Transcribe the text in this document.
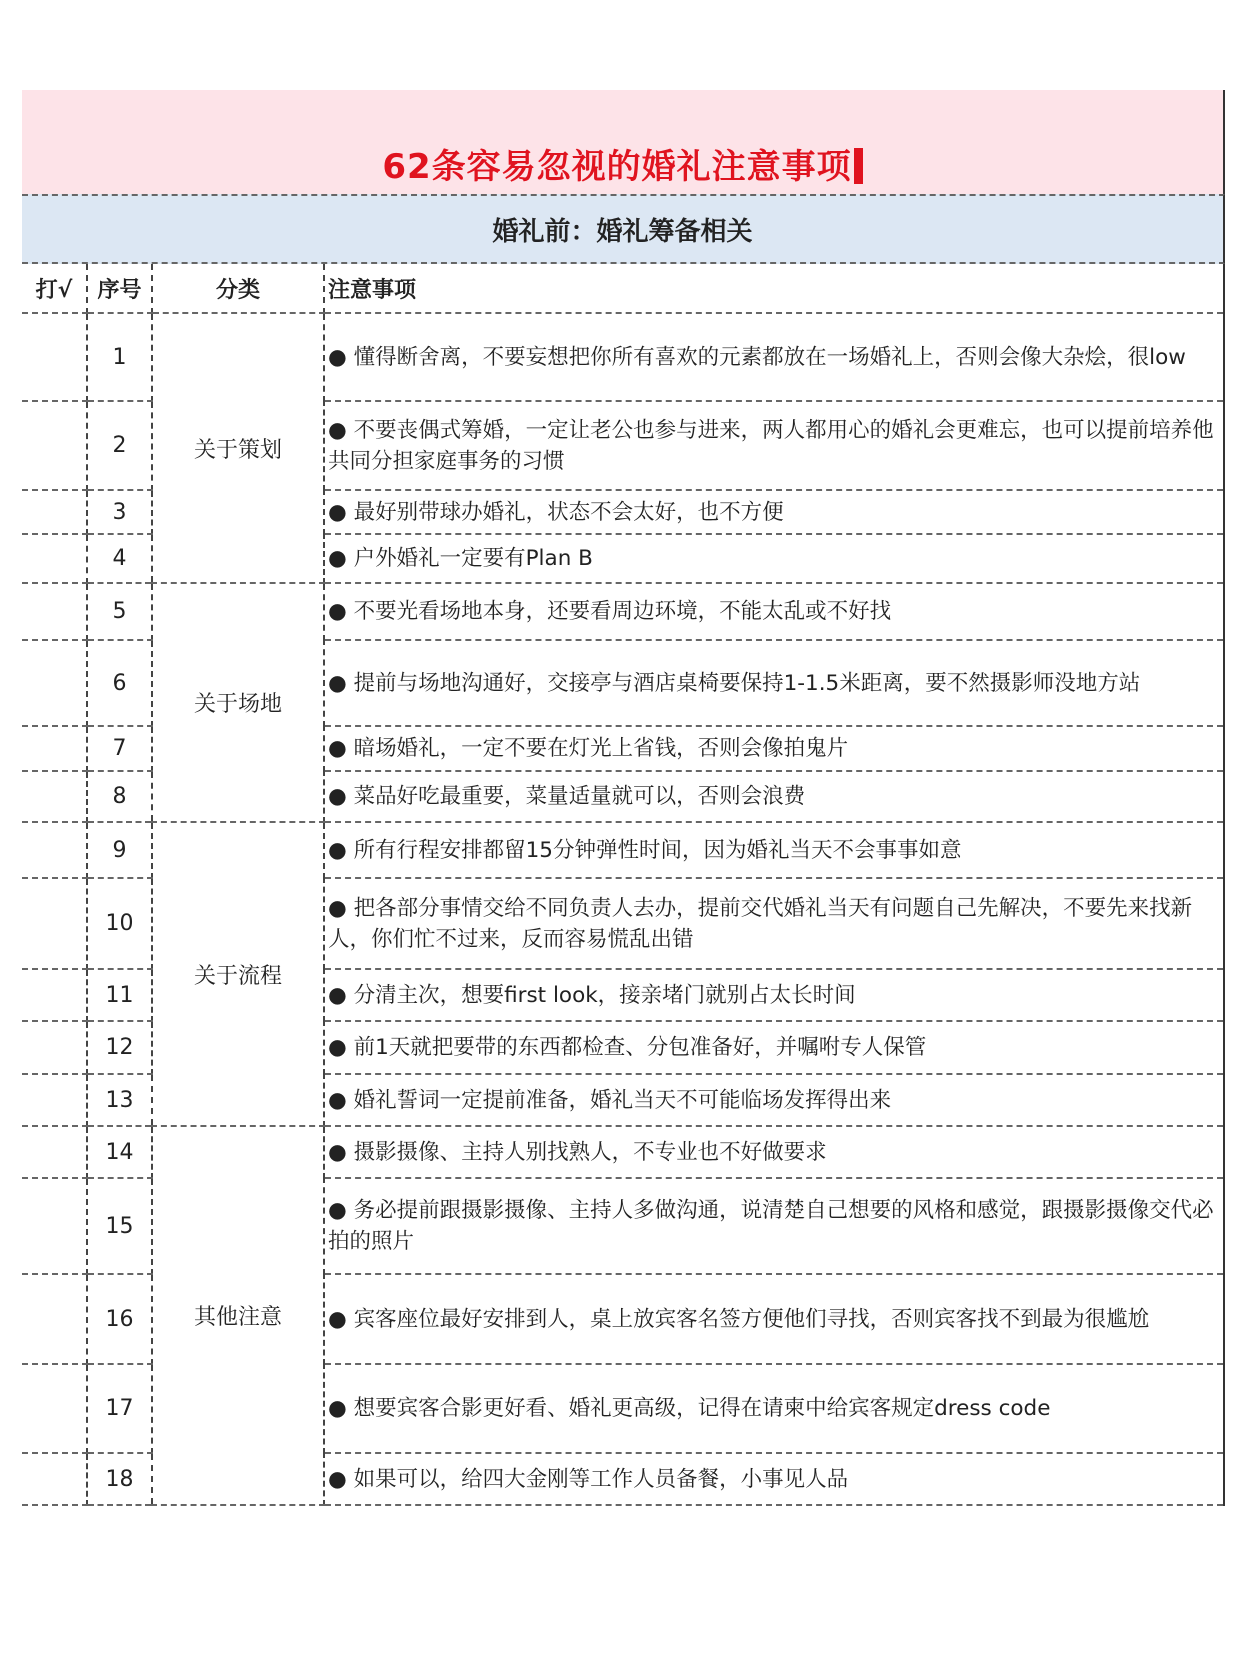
62条容易忽视的婚礼注意事项
婚礼前：婚礼筹备相关
打√	序号	分类	注意事项
	1	关于策划	● 懂得断舍离，不要妄想把你所有喜欢的元素都放在一场婚礼上，否则会像大杂烩，很low
	2		● 不要丧偶式筹婚，一定让老公也参与进来，两人都用心的婚礼会更难忘，也可以提前培养他共同分担家庭事务的习惯
	3		● 最好别带球办婚礼，状态不会太好，也不方便
	4		● 户外婚礼一定要有Plan B
	5	关于场地	● 不要光看场地本身，还要看周边环境，不能太乱或不好找
	6		● 提前与场地沟通好，交接亭与酒店桌椅要保持1-1.5米距离，要不然摄影师没地方站
	7		● 暗场婚礼，一定不要在灯光上省钱，否则会像拍鬼片
	8		● 菜品好吃最重要，菜量适量就可以，否则会浪费
	9	关于流程	● 所有行程安排都留15分钟弹性时间，因为婚礼当天不会事事如意
	10		● 把各部分事情交给不同负责人去办，提前交代婚礼当天有问题自己先解决，不要先来找新人，你们忙不过来，反而容易慌乱出错
	11		● 分清主次，想要first look，接亲堵门就别占太长时间
	12		● 前1天就把要带的东西都检查、分包准备好，并嘱咐专人保管
	13		● 婚礼誓词一定提前准备，婚礼当天不可能临场发挥得出来
	14	其他注意	● 摄影摄像、主持人别找熟人，不专业也不好做要求
	15		● 务必提前跟摄影摄像、主持人多做沟通，说清楚自己想要的风格和感觉，跟摄影摄像交代必拍的照片
	16		● 宾客座位最好安排到人，桌上放宾客名签方便他们寻找，否则宾客找不到最为很尴尬
	17		● 想要宾客合影更好看、婚礼更高级，记得在请柬中给宾客规定dress code
	18		● 如果可以，给四大金刚等工作人员备餐，小事见人品
